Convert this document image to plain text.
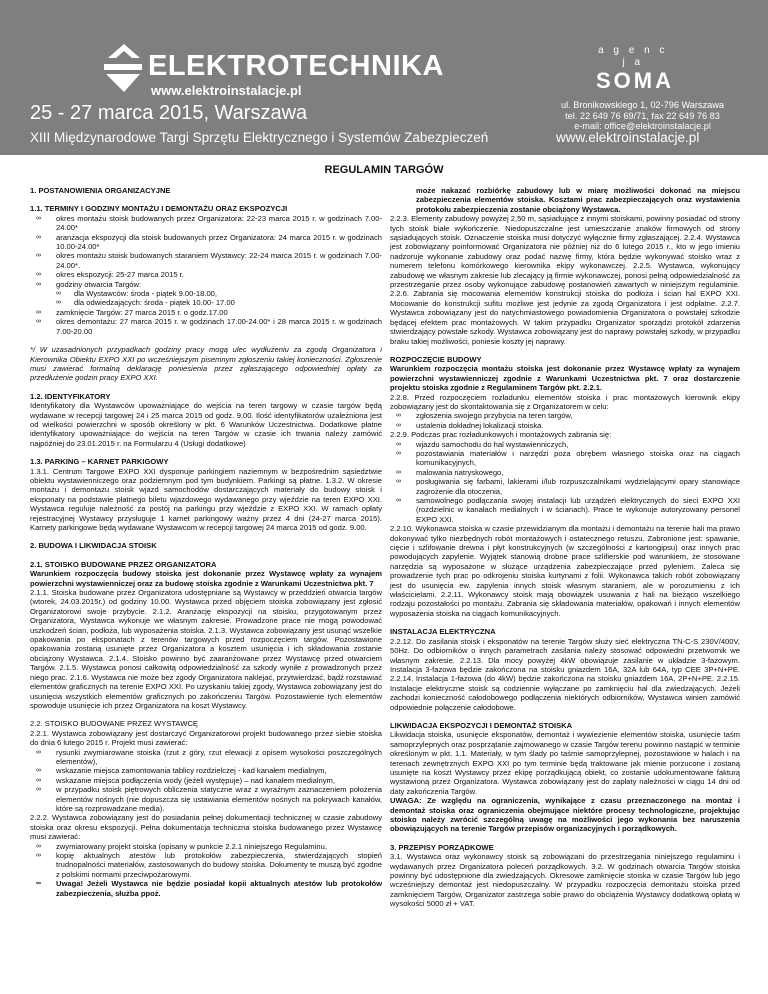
ELEKTROTECHNIKA
www.elektroinstalacje.pl
25 - 27 marca 2015, Warszawa
XIII Międzynarodowe Targi Sprzętu Elektrycznego i Systemów Zabezpieczeń
a g e n c j a
SOMA
ul. Bronikowskiego 1, 02-796 Warszawa
tel. 22 649 76 69/71, fax 22 649 76 83
e-mail: office@elektroinstalacje.pl
www.elektroinstalacje.pl
REGULAMIN TARGÓW

1. POSTANOWIENIA ORGANIZACYJNE

1.1. TERMINY I GODZINY MONTAŻU I DEMONTAŻU ORAZ EKSPOZYCJI

∞ okres montażu stoisk budowanych przez Organizatora: 22-23 marca 2015 r. w godzinach 7.00-24.00*

∞ aranżacja ekspozycji dla stoisk budowanych przez Organizatora: 24 marca 2015 r. w godzinach 10.00-24.00*

∞ okres montażu stoisk budowanych staraniem Wystawcy: 22-24 marca 2015 r. w godzinach 7.00-24.00*.

∞ okres ekspozycji: 25-27 marca 2015 r.

∞ godziny otwarcia Targów:

∞ dla Wystawców: środa - piątek 9.00-18.00,

∞ dla odwiedzających: środa - piątek 10.00- 17.00

∞ zamknięcie Targów: 27 marca 2015 r. o godz.17.00

∞ okres demontażu: 27 marca 2015 r. w godzinach 17.00-24.00* i 28 marca 2015 r. w godzinach 7.00-20.00

*/ W uzasadnionych przypadkach godziny pracy mogą ulec wydłużeniu za zgodą Organizatora i Kierownika Obiektu EXPO XXI po wcześniejszym pisemnym zgłoszeniu takiej konieczności. Zgłoszenie musi zawierać formalną deklarację poniesienia przez zgłaszającego odpowiedniej opłaty za przedłużenie godzin pracy EXPO XXI.

1.2. IDENTYFIKATORY

Identyfikatory dla Wystawców upoważniające do wejścia na teren targowy w czasie targów będą wydawane w recepcji targowej 24 i 25 marca 2015 od godz. 9.00. Ilość identyfikatorów uzależniona jest od wielkości powierzchni w sposób określony w pkt. 6 Warunków Uczestnictwa. Dodatkowe płatne identyfikatory upoważniające do wejścia na teren Targów w czasie ich trwania należy zamówić najpóźniej do 23.01.2015 r. na Formularzu 4 (Usługi dodatkowe)

1.3. PARKING – KARNET PARKIGOWY

1.3.1. Centrum Targowe EXPO XXI dysponuje parkingiem naziemnym w bezpośrednim sąsiedztwie obiektu wystawienniczego oraz podziemnym pod tym budynkiem. Parkingi są płatne. 1.3.2. W okresie montażu i demontażu stoisk wjazd samochodów dostarczających materiały do budowy stoisk i eksponaty na podstawie płatnego biletu wjazdowego wydawanego przy wjeździe na teren EXPO XXI. Wystawca reguluje należność za postój na parkingu przy wjeździe z EXPO XXI. W ramach opłaty rejestracyjnej Wystawcy przysługuje 1 karnet parkingowy ważny przez 4 dni (24-27 marca 2015). Karnety parkingowe będą wydawane Wystawcom w recepcji targowej 24 marca 2015 od godz. 9.00.

2. BUDOWA I LIKWIDACJA STOISK

2.1. STOISKO BUDOWANE PRZEZ ORGANIZATORA

Warunkiem rozpoczęcia budowy stoiska jest dokonanie przez Wystawcę wpłaty za wynajem powierzchni wystawienniczej oraz za budowę stoiska zgodnie z Warunkami Uczestnictwa pkt. 7

2.1.1. Stoiska budowane przez Organizatora udostępniane są Wystawcy w przeddzień otwarcia targów (wtorek, 24.03.2015r.) od godziny 10.00. Wystawca przed objęciem stoiska zobowiązany jest zgłosić Organizatorowi swoje przybycie. 2.1.2. Aranżację ekspozycji na stoisku, przygotowanym przez Organizatora, Wystawca wykonuje we własnym zakresie. Prowadzone prace nie mogą powodować uszkodzeń ścian, podłoża, lub wyposażenia stoiska. 2.1.3. Wystawca zobowiązany jest usunąć wszelkie opakowania po eksponatach z terenów targowych przed rozpoczęciem targów. Pozostawione opakowania zostaną usunięte przez Organizatora a kosztem usunięcia i ich składowania zostanie obciążony Wystawca. 2.1.4. Stoisko powinno być zaaranżowane przez Wystawcę przed otwarciem Targów. 2.1.5. Wystawca ponosi całkowitą odpowiedzialność za szkody wyniłe z prowadzonych przez niego prac. 2.1.6. Wystawca nie może bez zgody Organizatora naklejać, przytwierdzać, bądź rozstawiać elementów graficznych na terenie EXPO XXI. Po uzyskaniu takiej zgody, Wystawca zobowiązany jest do usunięcia wszystkich elementów graficznych po zakończeniu Targów. Pozostawienie tych elementów spowoduje usunięcie ich przez Organizatora na koszt Wystawcy.

2.2. STOISKO BUDOWANE PRZEZ WYSTAWCĘ

2.2.1. Wystawca zobowiązany jest dostarczyć Organizatorowi projekt budowanego przez siebie stoiska do dnia 6 lutego 2015 r. Projekt musi zawierać:

∞ rysunki zwymiarowane stoiska (rzut z góry, rzut elewacji z opisem wysokości poszczególnych elementów),

∞ wskazanie miejsca zamontowania tablicy rozdzielczej - kad kanałem medialnym,

∞ wskazanie miejsca podłączenia wody (jeżeli występuje) – nad kanałem medialnym,

∞ w przypadku stoisk piętrowych obliczenia statyczne wraz z wyraźnym zaznaczeniem położenia elementów nośnych (nie dopuszcza się ustawiania elementów nośnych na pokrywach kanałów, które są rozprowadzane media).

2.2.2. Wystawca zobowiązany jest do posiadania pełnej dokumentacji technicznej w czasie zabudowy stoiska oraz okresu ekspozycji. Pełna dokumentacja techniczna stoiska budowanego przez Wystawcę musi zawierać:

∞ zwymiarowany projekt stoiska (opisany w punkcie 2.2.1 niniejszego Regulaminu,

∞ kopię aktualnych atestów lub protokołów zabezpieczenia, stwierdzających stopień trudnopalności materiałów, zastosowanych do budowy stoiska. Dokumenty te muszą być zgodne z polskimi normami przeciwpożarowymi.

∞ Uwaga! Jeżeli Wystawca nie będzie posiadał kopii aktualnych atestów lub protokołów zabezpieczenia, służba ppoż.

może nakazać rozbiórkę zabudowy lub w miarę możliwości dokonać na miejscu zabezpieczenia elementów stoiska. Kosztami prac zabezpieczających oraz wystawienia protokołu zabezpieczenia zostanie obciążony Wystawca.

2.2.3. Elementy zabudowy powyżej 2,50 m, sąsiadujące z innymi stoiskami, powinny posiadać od strony tych stoisk białe wykończenie. Niedopuszczalne jest umieszczanie znaków firmowych od strony sąsiadujących stoisk. Oznaczenie stoiska musi dotyczyć wyłącznie firmy zgłaszającej. 2.2.4. Wystawca jest zobowiązany poinformować Organizatora nie później niż do 6 lutego 2015 r., kto w jego imieniu nadzoruje wykonanie zabudowy oraz podać nazwę firmy, która będzie wykonywać stoisko wraz z numerem telefonu komórkowego kierownika ekipy wykonawczej. 2.2.5. Wystawca, wykonujący zabudowę we własnym zakresie lub zlecający ją firmie wykonawczej, ponosi pełną odpowiedzialność za przestrzeganie przez osoby wykonujące zabudowę postanowień zawartych w niniejszym regulaminie. 2.2.6. Zabrania się mocowania elementów konstrukcji stoiska do podłoża i ścian hal EXPO XXI. Mocowanie do konstrukcji sufitu możliwe jest jedynie za zgodą Organizatora i jest odpłatne. 2.2.7. Wystawca zobowiązany jest do natychmiastowego powiadomienia Organizatora o powstałej szkodzie będącej efektem prac montażowych. W takim przypadku Organizator sporządzi protokół zdarzenia stwierdzający powstałe szkody. Wystawca zobowiązany jest do naprawy powstałej szkody, w przypadku braku takiej możliwości, poniesie koszty jej naprawy.

ROZPOCZĘCIE BUDOWY

Warunkiem rozpoczęcia montażu stoiska jest dokonanie przez Wystawcę wpłaty za wynajem powierzchni wystawienniczej zgodnie z Warunkami Uczestnictwa pkt. 7 oraz dostarczenie projektu stoiska zgodnie z Regulaminem Targów pkt. 2.2.1.

2.2.8. Przed rozpoczęciem rozładunku elementów stoiska i prac montażowych kierownik ekipy zobowiązany jest do skontaktowania się z Organizatorem w celu:

∞ zgłoszenia swojego przybycia na teren targów,

∞ ustalenia dokładnej lokalizacji stoiska.

2.2.9. Podczas prac rozładunkowych i montażowych zabrania się:

∞ wjazdu samochodu do hal wystawienniczych,

∞ pozostawiania materiałów i narzędzi poza obrębem własnego stoiska oraz na ciągach komunikacyjnych,

∞ malowania natryskowego,

∞ posługiwania się farbami, lakierami i/lub rozpuszczalnikami wydzielającymi opary stanowiące zagrożenie dla otoczenia,

∞ samowolnego podłączania swojej instalacji lub urządzeń elektrycznych do sieci EXPO XXI (rozdzielnic w kanałach medialnych i w ścianach). Prace te wykonuje autoryzowany personel EXPO XXI.

2.2.10. Wykonawca stoiska w czasie przewidzianym dla montażu i demontażu na terenie hali ma prawo dokonywać tylko niezbędnych robót montażowych i ostatecznego retuszu. Zabronione jest: spawanie, cięcie i szlifowanie drewna i płyt konstrukcyjnych (w szczególności z kartongipsu) oraz innych prac powodujących zapylenie. Wyjątek stanowią drobne prace szlifierskie pod warunkiem, że stosowane narzędzia są wyposażone w służące urządzenia zabezpieczające przed pyleniem. Zaleca się prowadzenie tych prac po odkrojeniu stoiska kurtynami z folii. Wykonawca takich robót zobowiązany jest do usunięcia ew. zapylenia innych stoisk własnym staraniem, ale w porozumieniu z ich właścicielami. 2.2.11. Wykonawcy stoisk mają obowiązek usuwania z hali na bieżąco wszelkiego rodzaju pozostałości po montażu. Zabrania się składowania materiałów, opakowań i innych elementów wyposażenia stoiska na ciągach komunikacyjnych.

INSTALACJA ELEKTRYCZNA

2.2.12. Do zasilania stoisk i eksponatów na terenie Targów służy sieć elektryczna TN-C-S 230V/400V, 50Hz. Do odbiorników o innych parametrach zasilania należy stosować odpowiedni przetwornik we własnym zakresie. 2.2.13. Dla mocy powyżej 4kW obowiązuje zasilanie w układzie 3-fazowym. Instalacja 3-fazowa będzie zakończona na stoisku gniazdem 16A, 32A lub 64A, typ CEE 3P+N+PE. 2.2.14. Instalacja 1-fazowa (do 4kW) będzie zakończona na stoisku gniazdem 16A, 2P+N+PE. 2.2.15. Instalacje elektryczne stoisk są codziennie wyłączane po zamknięciu hal dla zwiedzających. Jeżeli zachodzi konieczność całodobowego podłączenia niektórych odbiorników, Wystawca winien zamówić odpowiednie połączenie całodobowe.

LIKWIDACJA EKSPOZYCJI I DEMONTAŻ STOISKA

Likwidacja stoiska, usunięcie eksponatów, demontaż i wywiezienie elementów stoiska, usunięcie taśm samoprzylepnych oraz posprzątanie zajmowanego w czasie Targów terenu powinno nastąpić w terminie określonym w pkt. 1.1. Materiały, w tym ślady po taśmie samoprzylepnej, pozostawione w halach i na terenach zewnętrznych EXPO XXI po tym terminie będą traktowane jak mienie porzucone i zostaną usunięte na koszt Wystawcy przez ekipę porządkującą obiekt, co zostanie udokumentowane fakturą wystawioną przez Organizatora. Wystawca zobowiązany jest do zapłaty należności w ciągu 14 dni od daty zakończenia Targów.

UWAGA: Ze względu na ograniczenia, wynikające z czasu przeznaczonego na montaż i demontaż stoiska oraz ograniczenia obejmujące niektóre procesy technologiczne, projektując stoisko należy zwrócić szczególną uwagę na możliwości jego wykonania bez naruszenia obowiązujących na terenie Targów przepisów organizacyjnych i porządkowych.

3. PRZEPISY PORZĄDKOWE

3.1. Wystawca oraz wykonawcy stoisk są zobowiązani do przestrzegania niniejszego regulaminu i wydawanych przez Organizatora poleceń porządkowych. 3.2. W godzinach otwarcia Targów stoiska powinny być udostępnione dla zwiedzających. Okresowe zamknięcie stoiska w czasie Targów lub jego wcześniejszy demontaż jest niedopuszczalny. W przypadku rozpoczęcia demontażu stoiska przed zamknięciem Targów, Organizator zastrzega sobie prawo do obciążenia Wystawcy dodatkową opłatą w wysokości 5000 zł + VAT.
